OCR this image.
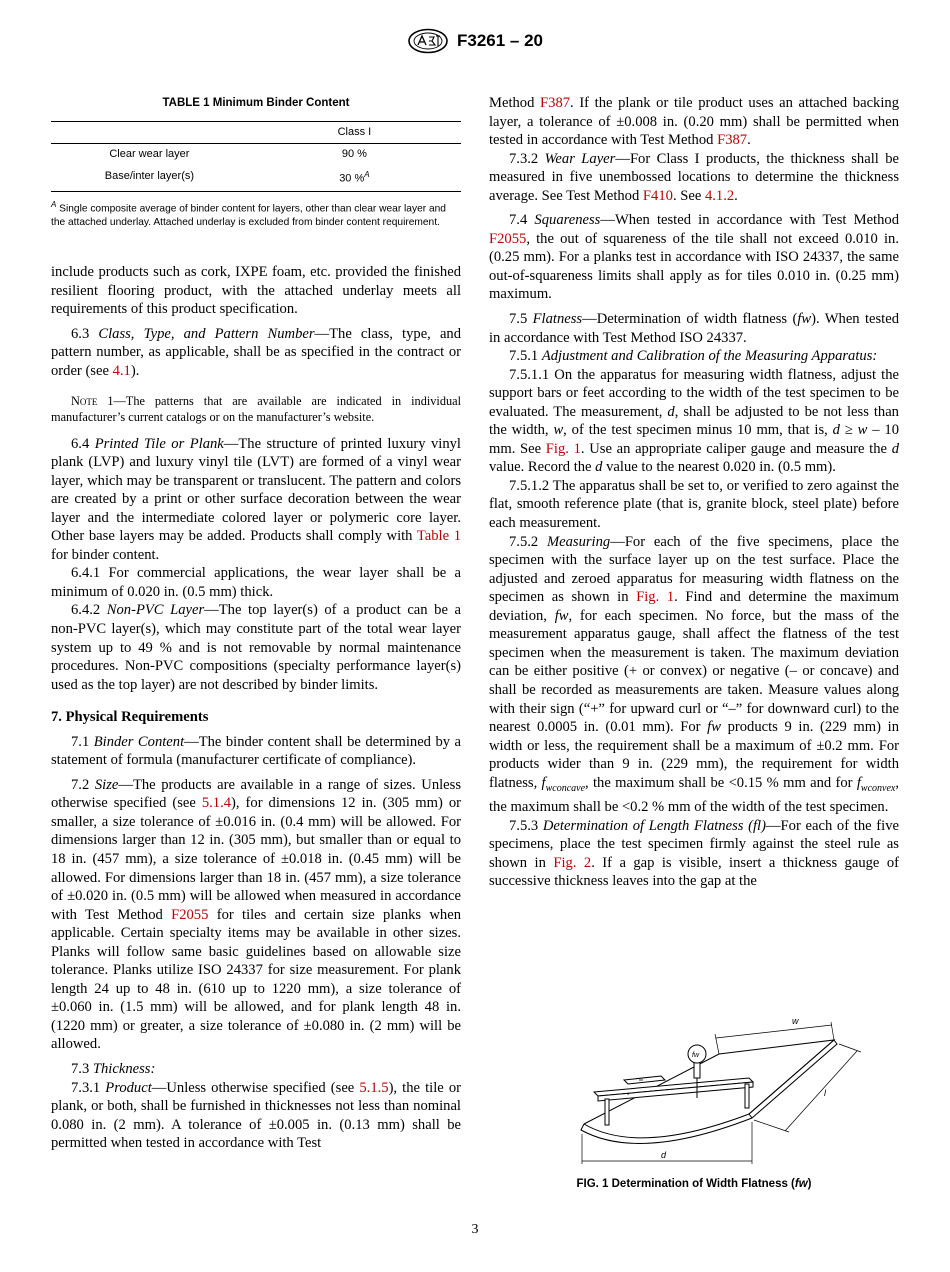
F3261 – 20
TABLE 1 Minimum Binder Content
	Class I
Clear wear layer	90 %
Base/inter layer(s)	30 %$^A$
$^A$ Single composite average of binder content for layers, other than clear wear layer and the attached underlay. Attached underlay is excluded from binder content requirement.

include products such as cork, IXPE foam, etc. provided the finished resilient flooring product, with the attached underlay meets all requirements of this product specification.

6.3 Class, Type, and Pattern Number—The class, type, and pattern number, as applicable, shall be as specified in the contract or order (see 4.1).

Note 1—The patterns that are available are indicated in individual manufacturer’s current catalogs or on the manufacturer’s website.

6.4 Printed Tile or Plank—The structure of printed luxury vinyl plank (LVP) and luxury vinyl tile (LVT) are formed of a vinyl wear layer, which may be transparent or translucent. The pattern and colors are created by a print or other surface decoration between the wear layer and the intermediate colored layer or polymeric core layer. Other base layers may be added. Products shall comply with Table 1 for binder content.

6.4.1 For commercial applications, the wear layer shall be a minimum of 0.020 in. (0.5 mm) thick.

6.4.2 Non-PVC Layer—The top layer(s) of a product can be a non-PVC layer(s), which may constitute part of the total wear layer system up to 49 % and is not removable by normal maintenance procedures. Non-PVC compositions (specialty performance layer(s) used as the top layer) are not described by binder limits.

7. Physical Requirements

7.1 Binder Content—The binder content shall be determined by a statement of formula (manufacturer certificate of compliance).

7.2 Size—The products are available in a range of sizes. Unless otherwise specified (see 5.1.4), for dimensions 12 in. (305 mm) or smaller, a size tolerance of ±0.016 in. (0.4 mm) will be allowed. For dimensions larger than 12 in. (305 mm), but smaller than or equal to 18 in. (457 mm), a size tolerance of ±0.018 in. (0.45 mm) will be allowed. For dimensions larger than 18 in. (457 mm), a size tolerance of ±0.020 in. (0.5 mm) will be allowed when measured in accordance with Test Method F2055 for tiles and certain size planks when applicable. Certain specialty items may be available in other sizes. Planks will follow same basic guidelines based on allowable size tolerance. Planks utilize ISO 24337 for size measurement. For plank length 24 up to 48 in. (610 up to 1220 mm), a size tolerance of ±0.060 in. (1.5 mm) will be allowed, and for plank length 48 in. (1220 mm) or greater, a size tolerance of ±0.080 in. (2 mm) will be allowed.

7.3 Thickness:

7.3.1 Product—Unless otherwise specified (see 5.1.5), the tile or plank, or both, shall be furnished in thicknesses not less than nominal 0.080 in. (2 mm). A tolerance of ±0.005 in. (0.13 mm) shall be permitted when tested in accordance with Test

Method F387. If the plank or tile product uses an attached backing layer, a tolerance of ±0.008 in. (0.20 mm) shall be permitted when tested in accordance with Test Method F387.

7.3.2 Wear Layer—For Class I products, the thickness shall be measured in five unembossed locations to determine the thickness average. See Test Method F410. See 4.1.2.

7.4 Squareness—When tested in accordance with Test Method F2055, the out of squareness of the tile shall not exceed 0.010 in. (0.25 mm). For a planks test in accordance with ISO 24337, the same out-of-squareness limits shall apply as for tiles 0.010 in. (0.25 mm) maximum.

7.5 Flatness—Determination of width flatness (fw). When tested in accordance with Test Method ISO 24337.

7.5.1 Adjustment and Calibration of the Measuring Apparatus:

7.5.1.1 On the apparatus for measuring width flatness, adjust the support bars or feet according to the width of the test specimen to be evaluated. The measurement, d, shall be adjusted to be not less than the width, w, of the test specimen minus 10 mm, that is, d ≥ w – 10 mm. See Fig. 1. Use an appropriate caliper gauge and measure the d value. Record the d value to the nearest 0.020 in. (0.5 mm).

7.5.1.2 The apparatus shall be set to, or verified to zero against the flat, smooth reference plate (that is, granite block, steel plate) before each measurement.

7.5.2 Measuring—For each of the five specimens, place the specimen with the surface layer up on the test surface. Place the adjusted and zeroed apparatus for measuring width flatness on the specimen as shown in Fig. 1. Find and determine the maximum deviation, fw, for each specimen. No force, but the mass of the measurement apparatus gauge, shall affect the flatness of the test specimen when the measurement is taken. The maximum deviation can be either positive (+ or convex) or negative (– or concave) and shall be recorded as measurements are taken. Measure values along with their sign (“+” for upward curl or “–” for downward curl) to the nearest 0.0005 in. (0.01 mm). For fw products 9 in. (229 mm) in width or less, the requirement shall be a maximum of ±0.2 mm. For products wider than 9 in. (229 mm), the requirement for width flatness, $f_{wconcave}$, the maximum shall be <0.15 % mm and for $f_{wconvex}$, the maximum shall be <0.2 % mm of the width of the test specimen.

7.5.3 Determination of Length Flatness (fl)—For each of the five specimens, place the test specimen firmly against the steel rule as shown in Fig. 2. If a gap is visible, insert a thickness gauge of successive thickness leaves into the gap at the

w
l
d
fw
FIG. 1 Determination of Width Flatness (fw)
3
